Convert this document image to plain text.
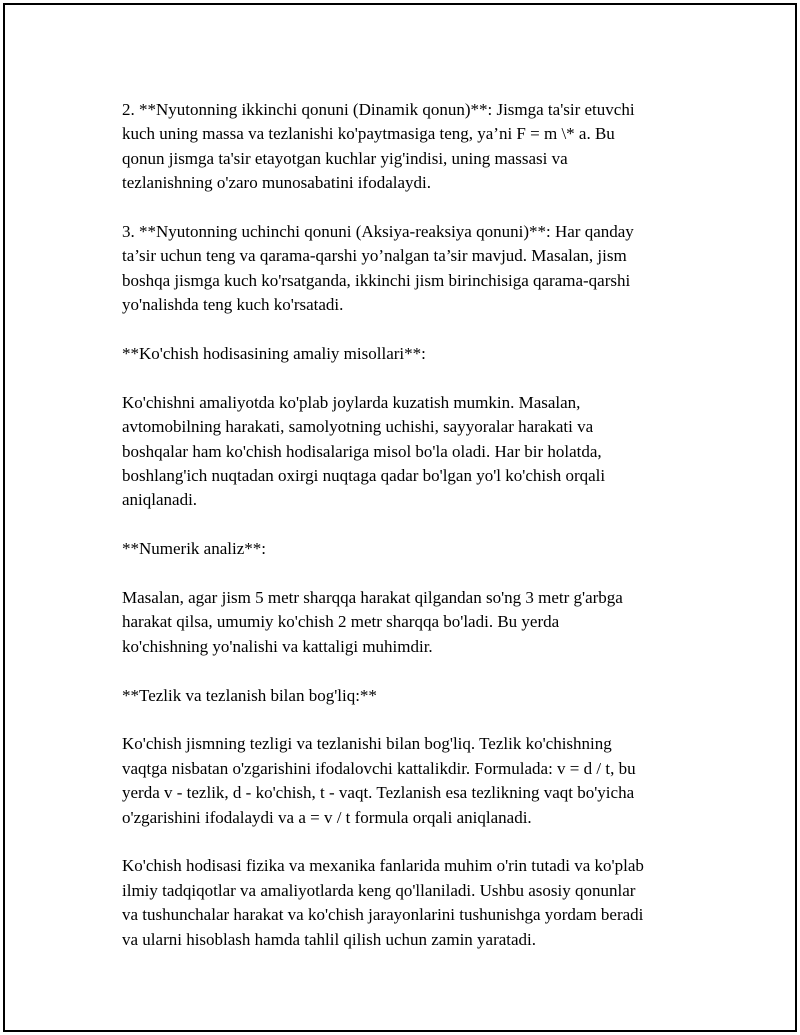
2. **Nyutonning ikkinchi qonuni (Dinamik qonun)**: Jismga ta'sir etuvchi
kuch uning massa va tezlanishi ko'paytmasiga teng, ya’ni F = m \* a. Bu
qonun jismga ta'sir etayotgan kuchlar yig'indisi, uning massasi va
tezlanishning o'zaro munosabatini ifodalaydi.

3. **Nyutonning uchinchi qonuni (Aksiya-reaksiya qonuni)**: Har qanday
ta’sir uchun teng va qarama-qarshi yo’nalgan ta’sir mavjud. Masalan, jism
boshqa jismga kuch ko'rsatganda, ikkinchi jism birinchisiga qarama-qarshi
yo'nalishda teng kuch ko'rsatadi.

**Ko'chish hodisasining amaliy misollari**:

Ko'chishni amaliyotda ko'plab joylarda kuzatish mumkin. Masalan,
avtomobilning harakati, samolyotning uchishi, sayyoralar harakati va
boshqalar ham ko'chish hodisalariga misol bo'la oladi. Har bir holatda,
boshlang'ich nuqtadan oxirgi nuqtaga qadar bo'lgan yo'l ko'chish orqali
aniqlanadi.

**Numerik analiz**:

Masalan, agar jism 5 metr sharqqa harakat qilgandan so'ng 3 metr g'arbga
harakat qilsa, umumiy ko'chish 2 metr sharqqa bo'ladi. Bu yerda
ko'chishning yo'nalishi va kattaligi muhimdir.

**Tezlik va tezlanish bilan bog'liq:**

Ko'chish jismning tezligi va tezlanishi bilan bog'liq. Tezlik ko'chishning
vaqtga nisbatan o'zgarishini ifodalovchi kattalikdir. Formulada: v = d / t, bu
yerda v - tezlik, d - ko'chish, t - vaqt. Tezlanish esa tezlikning vaqt bo'yicha
o'zgarishini ifodalaydi va a = v / t formula orqali aniqlanadi.

Ko'chish hodisasi fizika va mexanika fanlarida muhim o'rin tutadi va ko'plab
ilmiy tadqiqotlar va amaliyotlarda keng qo'llaniladi. Ushbu asosiy qonunlar
va tushunchalar harakat va ko'chish jarayonlarini tushunishga yordam beradi
va ularni hisoblash hamda tahlil qilish uchun zamin yaratadi.
